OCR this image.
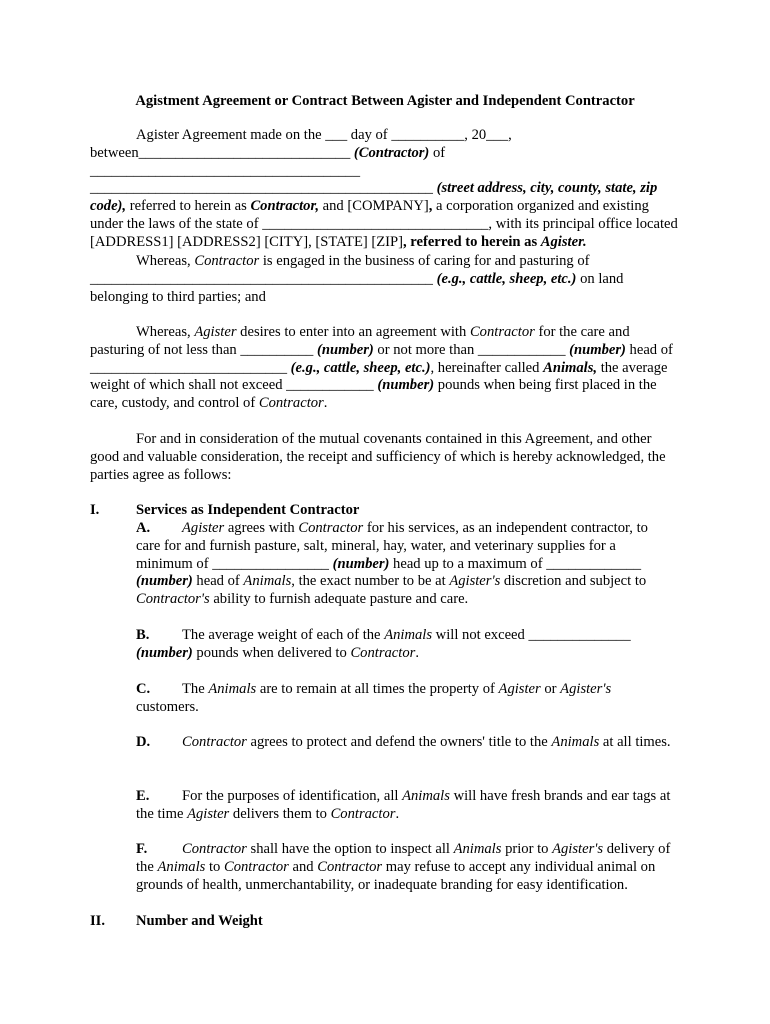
Agistment Agreement or Contract Between Agister and Independent Contractor

Agister Agreement made on the ___ day of __________, 20___, between_____________________________ (Contractor) of _____________________________________ _______________________________________________ (street address, city, county, state, zip code), referred to herein as Contractor, and [COMPANY], a corporation organized and existing under the laws of the state of _______________________________, with its principal office located [ADDRESS1] [ADDRESS2] [CITY], [STATE] [ZIP], referred to herein as Agister.

Whereas, Contractor is engaged in the business of caring for and pasturing of _______________________________________________ (e.g., cattle, sheep, etc.) on land belonging to third parties; and

Whereas, Agister desires to enter into an agreement with Contractor for the care and pasturing of not less than __________ (number) or not more than ____________ (number) head of ___________________________ (e.g., cattle, sheep, etc.), hereinafter called Animals, the average weight of which shall not exceed ____________ (number) pounds when being first placed in the care, custody, and control of Contractor.

For and in consideration of the mutual covenants contained in this Agreement, and other good and valuable consideration, the receipt and sufficiency of which is hereby acknowledged, the parties agree as follows:

I.	Services as Independent Contractor

A. Agister agrees with Contractor for his services, as an independent contractor, to care for and furnish pasture, salt, mineral, hay, water, and veterinary supplies for a minimum of ________________ (number) head up to a maximum of _____________ (number) head of Animals, the exact number to be at Agister's discretion and subject to Contractor's ability to furnish adequate pasture and care.

B. The average weight of each of the Animals will not exceed ______________ (number) pounds when delivered to Contractor.

C. The Animals are to remain at all times the property of Agister or Agister's customers.

D. Contractor agrees to protect and defend the owners' title to the Animals at all times.

E. For the purposes of identification, all Animals will have fresh brands and ear tags at the time Agister delivers them to Contractor.

F. Contractor shall have the option to inspect all Animals prior to Agister's delivery of the Animals to Contractor and Contractor may refuse to accept any individual animal on grounds of health, unmerchantability, or inadequate branding for easy identification.

II. Number and Weight
